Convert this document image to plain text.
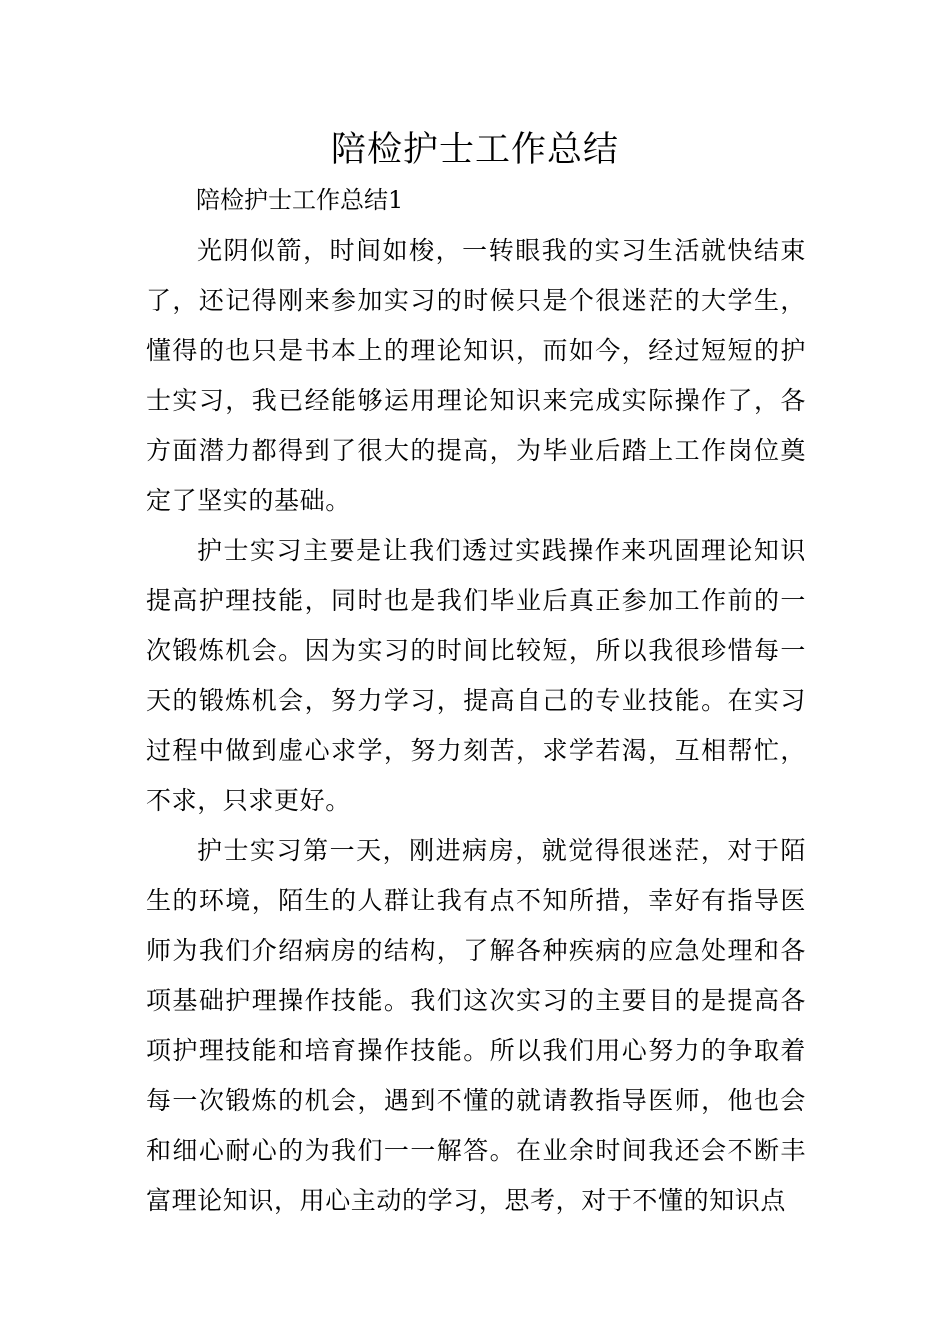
陪检护士工作总结
陪检护士工作总结1

光阴似箭，时间如梭，一转眼我的实习生活就快结束了，还记得刚来参加实习的时候只是个很迷茫的大学生，懂得的也只是书本上的理论知识，而如今，经过短短的护士实习，我已经能够运用理论知识来完成实际操作了，各方面潜力都得到了很大的提高，为毕业后踏上工作岗位奠定了坚实的基础。

护士实习主要是让我们透过实践操作来巩固理论知识提高护理技能，同时也是我们毕业后真正参加工作前的一次锻炼机会。因为实习的时间比较短，所以我很珍惜每一天的锻炼机会，努力学习，提高自己的专业技能。在实习过程中做到虚心求学，努力刻苦，求学若渴，互相帮忙，不求，只求更好。

护士实习第一天，刚进病房，就觉得很迷茫，对于陌生的环境，陌生的人群让我有点不知所措，幸好有指导医师为我们介绍病房的结构，了解各种疾病的应急处理和各项基础护理操作技能。我们这次实习的主要目的是提高各项护理技能和培育操作技能。所以我们用心努力的争取着每一次锻炼的机会，遇到不懂的就请教指导医师，他也会和细心耐心的为我们一一解答。在业余时间我还会不断丰富理论知识，用心主动的学习，思考，对于不懂的知识点
